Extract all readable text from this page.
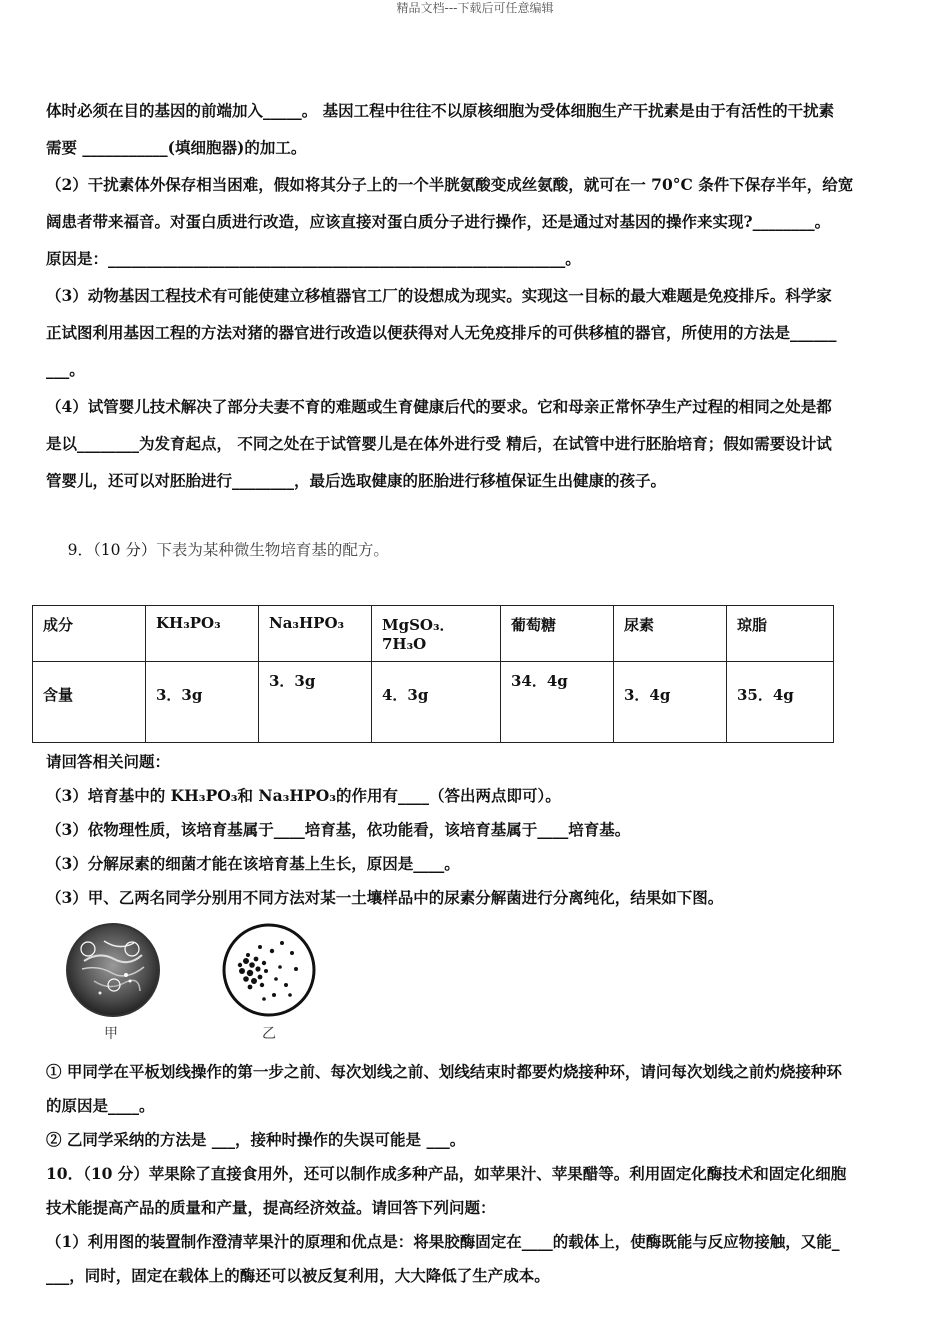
精品文档---下载后可任意编辑

体时必须在目的基因的前端加入_____。 基因工程中往往不以原核细胞为受体细胞生产干扰素是由于有活性的干扰素

需要 ___________(填细胞器)的加工。

（2）干扰素体外保存相当困难，假如将其分子上的一个半胱氨酸变成丝氨酸，就可在一 70°C 条件下保存半年，给宽

阔患者带来福音。对蛋白质进行改造，应该直接对蛋白质分子进行操作，还是通过对基因的操作来实现?________。

原因是：___________________________________________________________。

（3）动物基因工程技术有可能使建立移植器官工厂的设想成为现实。实现这一目标的最大难题是免疫排斥。科学家

正试图利用基因工程的方法对猪的器官进行改造以便获得对人无免疫排斥的可供移植的器官，所使用的方法是______

___。

（4）试管婴儿技术解决了部分夫妻不育的难题或生育健康后代的要求。它和母亲正常怀孕生产过程的相同之处是都

是以________为发育起点， 不同之处在于试管婴儿是在体外进行受 精后，在试管中进行胚胎培育；假如需要设计试

管婴儿，还可以对胚胎进行________，最后选取健康的胚胎进行移植保证生出健康的孩子。

9．（10 分）下表为某种微生物培育基的配方。

成分	KH₃PO₃	Na₃HPO₃	MgSO₃．7H₃O	葡萄糖	尿素	琼脂
含量	3．3g	3．3g	4．3g	34．4g	3．4g	35．4g

请回答相关问题：

（3）培育基中的 KH₃PO₃和 Na₃HPO₃的作用有____（答出两点即可）。

（3）依物理性质，该培育基属于____培育基，依功能看，该培育基属于____培育基。

（3）分解尿素的细菌才能在该培育基上生长，原因是____。

（3）甲、乙两名同学分别用不同方法对某一土壤样品中的尿素分解菌进行分离纯化，结果如下图。

甲	乙

① 甲同学在平板划线操作的第一步之前、每次划线之前、划线结束时都要灼烧接种环，请问每次划线之前灼烧接种环

的原因是____。

② 乙同学采纳的方法是 ___，接种时操作的失误可能是 ___。

10．（10 分）苹果除了直接食用外，还可以制作成多种产品，如苹果汁、苹果醋等。利用固定化酶技术和固定化细胞

技术能提高产品的质量和产量，提高经济效益。请回答下列问题：

（1）利用图的装置制作澄清苹果汁的原理和优点是：将果胶酶固定在____的载体上，使酶既能与反应物接触，又能_

___，同时，固定在载体上的酶还可以被反复利用，大大降低了生产成本。
